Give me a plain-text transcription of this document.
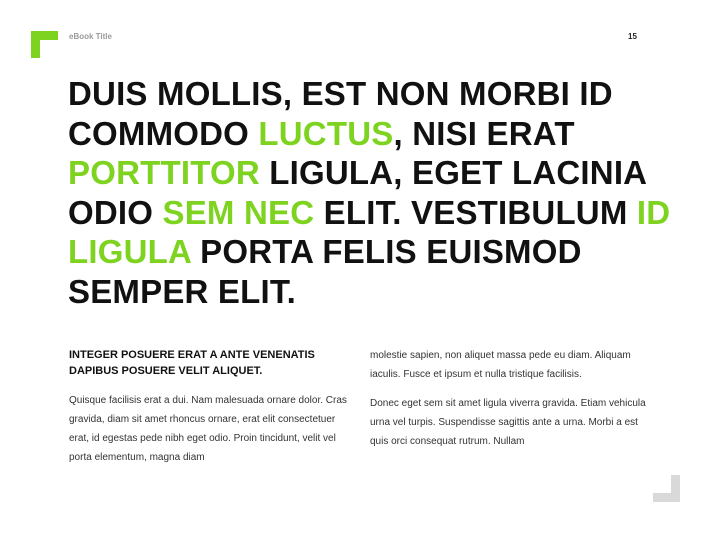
eBook Title	15
DUIS MOLLIS, EST NON MORBI ID COMMODO LUCTUS, NISI ERAT PORTTITOR LIGULA, EGET LACINIA ODIO SEM NEC ELIT. VESTIBULUM ID LIGULA PORTA FELIS EUISMOD SEMPER ELIT.

INTEGER POSUERE ERAT A ANTE VENENATIS DAPIBUS POSUERE VELIT ALIQUET.

Quisque facilisis erat a dui. Nam malesuada ornare dolor. Cras gravida, diam sit amet rhoncus ornare, erat elit consectetuer erat, id egestas pede nibh eget odio. Proin tincidunt, velit vel porta elementum, magna diam

molestie sapien, non aliquet massa pede eu diam. Aliquam iaculis. Fusce et ipsum et nulla tristique facilisis.

Donec eget sem sit amet ligula viverra gravida. Etiam vehicula urna vel turpis. Suspendisse sagittis ante a urna. Morbi a est quis orci consequat rutrum. Nullam
